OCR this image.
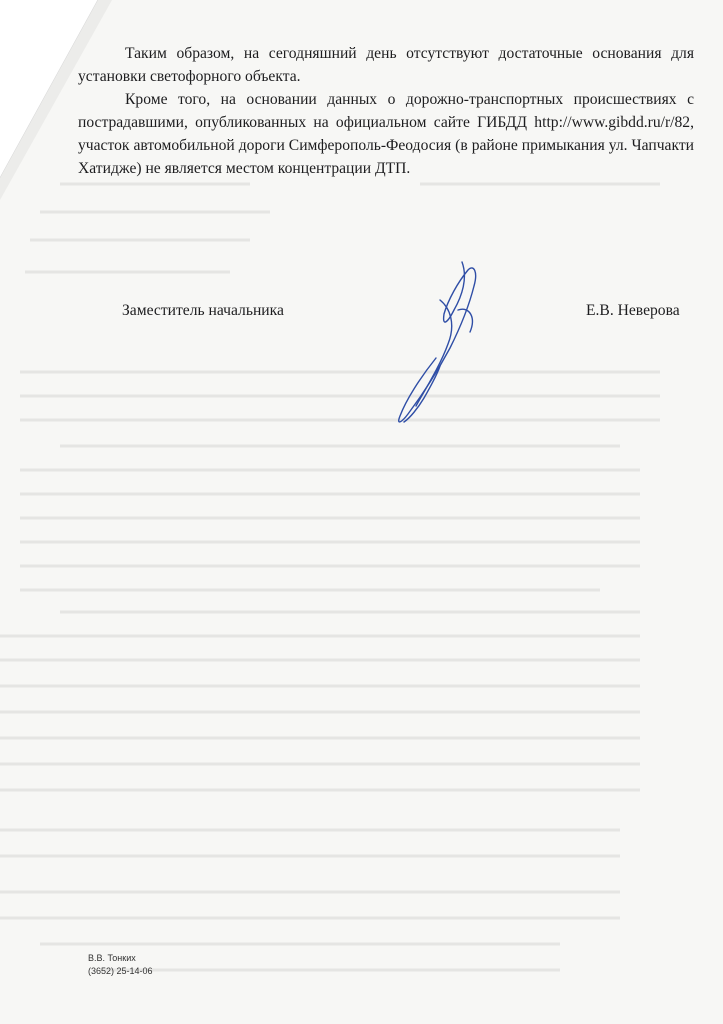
Таким образом, на сегодняшний день отсутствуют достаточные основания для установки светофорного объекта.

Кроме того, на основании данных о дорожно-транспортных происшествиях с пострадавшими, опубликованных на официальном сайте ГИБДД http://www.gibdd.ru/r/82, участок автомобильной дороги Симферополь-Феодосия (в районе примыкания ул. Чапчакти Хатидже) не является местом концентрации ДТП.

Заместитель начальника	Е.В. Неверова
В.В. Тонких
(3652) 25-14-06
